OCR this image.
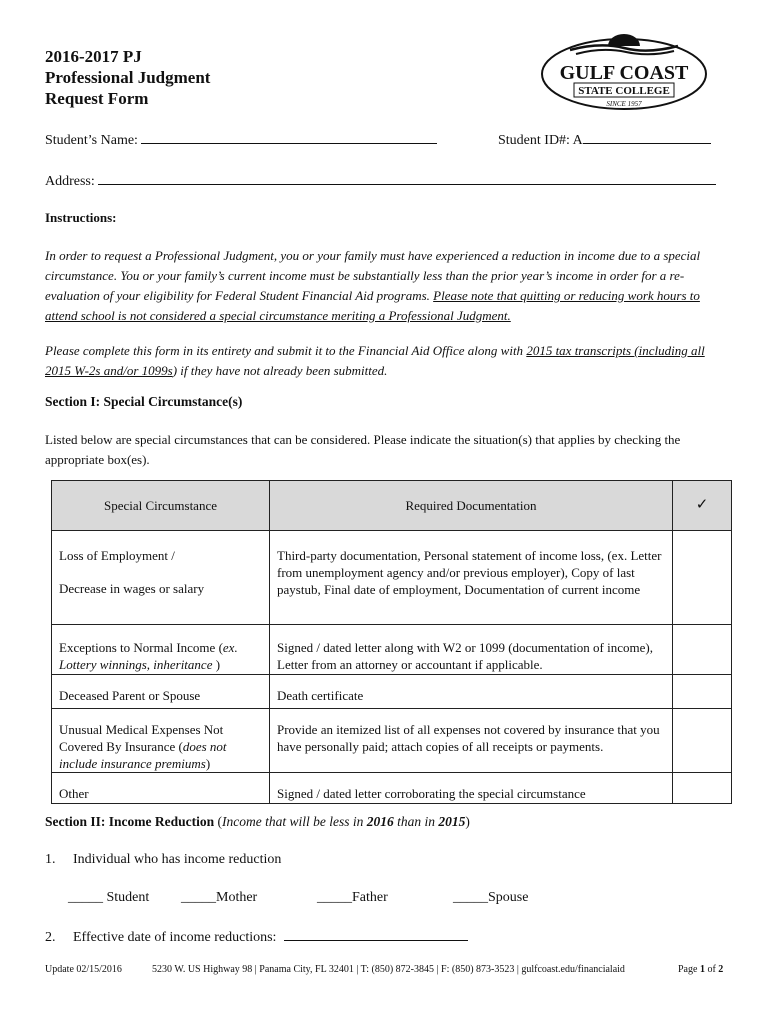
2016-2017 PJ
Professional Judgment
Request Form
GULF COAST
STATE COLLEGE
SINCE 1957
Student’s Name:	Student ID#: A
Address:
Instructions:
In order to request a Professional Judgment, you or your family must have experienced a reduction in income due to a special circumstance. You or your family’s current income must be substantially less than the prior year’s income in order for a re-evaluation of your eligibility for Federal Student Financial Aid programs. Please note that quitting or reducing work hours to attend school is not considered a special circumstance meriting a Professional Judgment.
Please complete this form in its entirety and submit it to the Financial Aid Office along with 2015 tax transcripts (including all 2015 W-2s and/or 1099s) if they have not already been submitted.
Section I: Special Circumstance(s)
Listed below are special circumstances that can be considered. Please indicate the situation(s) that applies by checking the appropriate box(es).
Special Circumstance	Required Documentation	✓

Loss of Employment /
Decrease in wages or salary	Third-party documentation, Personal statement of income loss, (ex. Letter from unemployment agency and/or previous employer), Copy of last paystub, Final date of employment, Documentation of current income	
Exceptions to Normal Income (ex. Lottery winnings, inheritance )	Signed / dated letter along with W2 or 1099 (documentation of income), Letter from an attorney or accountant if applicable.	
Deceased Parent or Spouse	Death certificate	
Unusual Medical Expenses Not Covered By Insurance (does not include insurance premiums)	Provide an itemized list of all expenses not covered by insurance that you have personally paid; attach copies of all receipts or payments.	
Other	Signed / dated letter corroborating the special circumstance	
Section II: Income Reduction (Income that will be less in 2016 than in 2015)
1. Individual who has income reduction
_____ Student _____Mother	_____Father	_____Spouse
2. Effective date of income reductions:
Update 02/15/2016	5230 W. US Highway 98 | Panama City, FL 32401 | T: (850) 872-3845 | F: (850) 873-3523 | gulfcoast.edu/financialaid	Page 1 of 2
